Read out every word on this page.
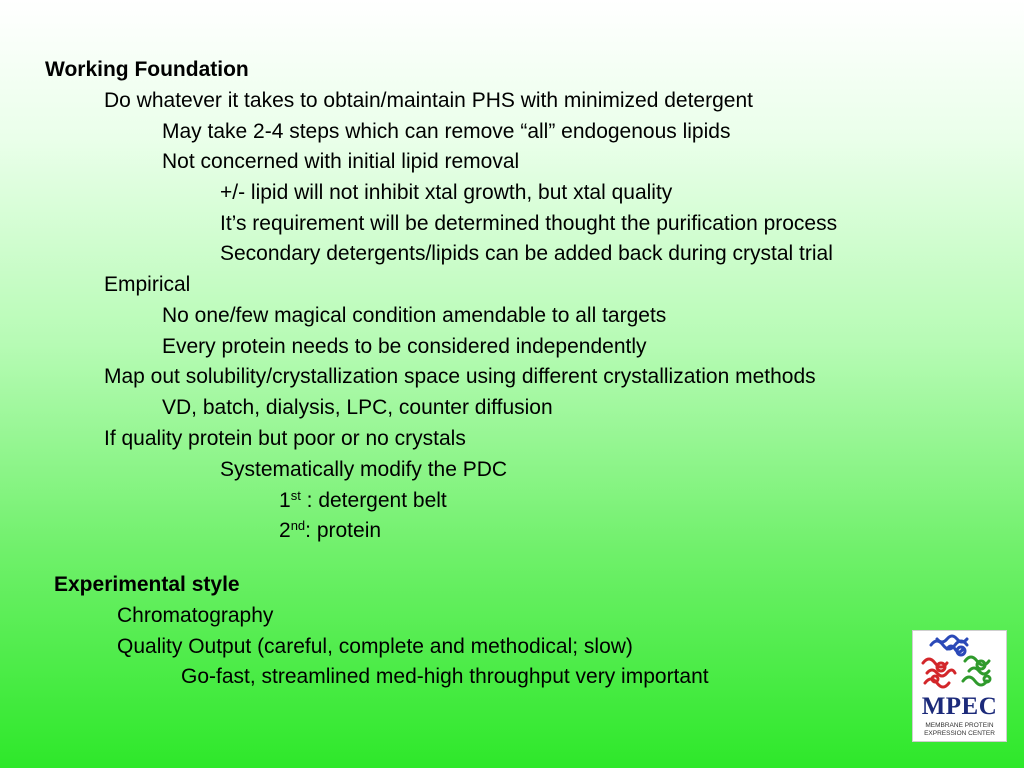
Working Foundation
Do whatever it takes to obtain/maintain PHS with minimized detergent
May take 2-4 steps which can remove “all” endogenous lipids
Not concerned with initial lipid removal
+/- lipid will not inhibit xtal growth, but xtal quality
It’s requirement will be determined thought the purification process
Secondary detergents/lipids can be added back during crystal trial
Empirical
No one/few magical condition amendable to all targets
Every protein needs to be considered independently
Map out solubility/crystallization space using different crystallization methods
VD, batch, dialysis, LPC, counter diffusion
If quality protein but poor or no crystals
Systematically modify the PDC
1st : detergent belt
2nd: protein
Experimental style
Chromatography
Quality Output (careful, complete and methodical; slow)
Go-fast, streamlined med-high throughput very important
MPEC
MEMBRANE PROTEIN
EXPRESSION CENTER
